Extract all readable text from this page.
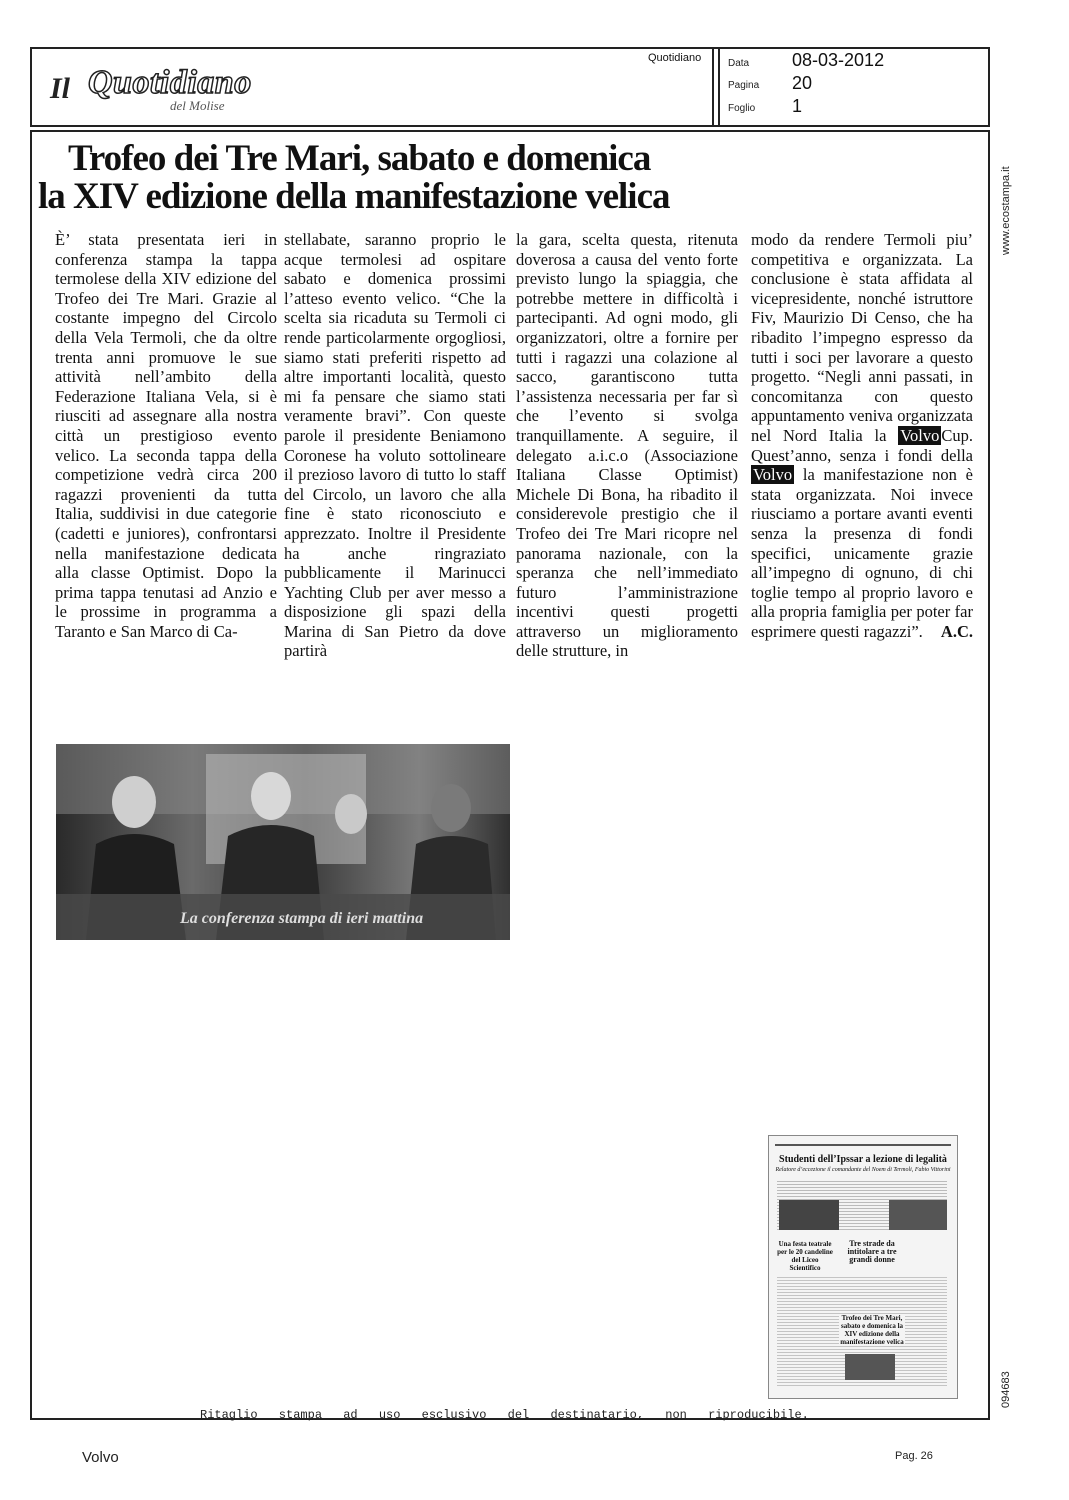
Il Quotidiano
del Molise
Quotidiano	Data 08-03-2012
Pagina 20
Foglio 1
Trofeo dei Tre Mari, sabato e domenica
la XIV edizione della manifestazione velica
È’ stata presentata ieri in conferenza stampa la tappa termolese della XIV edizione del Trofeo dei Tre Mari. Grazie al costante impegno del Circolo della Vela Termoli, che da oltre trenta anni promuove le sue attività nell’ambito della Federazione Italiana Vela, si è riusciti ad assegnare alla nostra città un prestigioso evento velico. La seconda tappa della competizione vedrà circa 200 ragazzi provenienti da tutta Italia, suddivisi in due categorie (cadetti e juniores), confrontarsi nella manifestazione dedicata alla classe Optimist. Dopo la prima tappa tenutasi ad Anzio e le prossime in programma a Taranto e San Marco di Ca-
stellabate, saranno proprio le acque termolesi ad ospitare sabato e domenica prossimi l’atteso evento velico. “Che la scelta sia ricaduta su Termoli ci rende particolarmente orgogliosi, siamo stati preferiti rispetto ad altre importanti località, questo mi fa pensare che siamo stati veramente bravi”. Con queste parole il presidente Beniamono Coronese ha voluto sottolineare il prezioso lavoro di tutto lo staff del Circolo, un lavoro che alla fine è stato riconosciuto e apprezzato. Inoltre il Presidente ha anche ringraziato pubblicamente il Marinucci Yachting Club per aver messo a disposizione gli spazi della Marina di San Pietro da dove partirà
la gara, scelta questa, ritenuta doverosa a causa del vento forte previsto lungo la spiaggia, che potrebbe mettere in difficoltà i partecipanti. Ad ogni modo, gli organizzatori, oltre a fornire per tutti i ragazzi una colazione al sacco, garantiscono tutta l’assistenza necessaria per far sì che l’evento si svolga tranquillamente. A seguire, il delegato a.i.c.o (Associazione Italiana Classe Optimist) Michele Di Bona, ha ribadito il considerevole prestigio che il Trofeo dei Tre Mari ricopre nel panorama nazionale, con la speranza che nell’immediato futuro l’amministrazione incentivi questi progetti attraverso un miglioramento delle strutture, in
modo da rendere Termoli piu’ competitiva e organizzata. La conclusione è stata affidata al vicepresidente, nonché istruttore Fiv, Maurizio Di Censo, che ha ribadito l’impegno espresso da tutti i soci per lavorare a questo progetto. “Negli anni passati, in concomitanza con questo appuntamento veniva organizzata nel Nord Italia la Volvo Cup. Quest’anno, senza i fondi della Volvo la manifestazione non è stata organizzata. Noi invece riusciamo a portare avanti eventi senza la presenza di fondi specifici, unicamente grazie all’impegno di ognuno, di chi toglie tempo al proprio lavoro e alla propria famiglia per poter far esprimere questi ragazzi”. A.C.
La conferenza stampa di ieri mattina
Studenti dell’Ipssar a lezione di legalità
Relatore d’eccezione il comandante del Noem di Termoli, Fabio Vittorini
Una festa teatrale per le 20 candeline del Liceo Scientifico
Tre strade da intitolare a tre grandi donne
Trofeo dei Tre Mari, sabato e domenica la XIV edizione della manifestazione velica
www.ecostampa.it
094683
Ritaglio stampa ad uso esclusivo del destinatario, non riproducibile.
Volvo	Pag. 26
